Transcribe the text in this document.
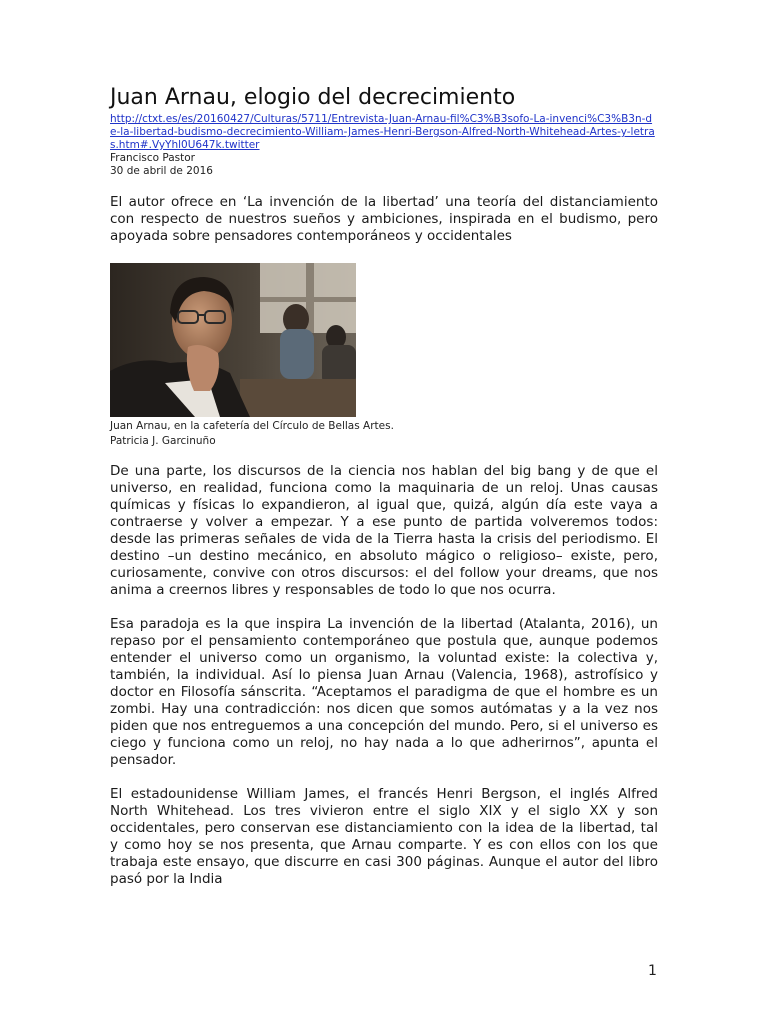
Juan Arnau, elogio del decrecimiento
http://ctxt.es/es/20160427/Culturas/5711/Entrevista-Juan-Arnau-fil%C3%B3sofo-La-invenci%C3%B3n-de-la-libertad-budismo-decrecimiento-William-James-Henri-Bergson-Alfred-North-Whitehead-Artes-y-letras.htm#.VyYhl0U647k.twitter
Francisco Pastor
30 de abril de 2016

El autor ofrece en ‘La invención de la libertad’ una teoría del distanciamiento con respecto de nuestros sueños y ambiciones, inspirada en el budismo, pero apoyada sobre pensadores contemporáneos y occidentales

Juan Arnau, en la cafetería del Círculo de Bellas Artes.
Patricia J. Garcinuño

De una parte, los discursos de la ciencia nos hablan del big bang y de que el universo, en realidad, funciona como la maquinaria de un reloj. Unas causas químicas y físicas lo expandieron, al igual que, quizá, algún día este vaya a contraerse y volver a empezar. Y a ese punto de partida volveremos todos: desde las primeras señales de vida de la Tierra hasta la crisis del periodismo. El destino –un destino mecánico, en absoluto mágico o religioso– existe, pero, curiosamente, convive con otros discursos: el del follow your dreams, que nos anima a creernos libres y responsables de todo lo que nos ocurra.

Esa paradoja es la que inspira La invención de la libertad (Atalanta, 2016), un repaso por el pensamiento contemporáneo que postula que, aunque podemos entender el universo como un organismo, la voluntad existe: la colectiva y, también, la individual. Así lo piensa Juan Arnau (Valencia, 1968), astrofísico y doctor en Filosofía sánscrita. “Aceptamos el paradigma de que el hombre es un zombi. Hay una contradicción: nos dicen que somos autómatas y a la vez nos piden que nos entreguemos a una concepción del mundo. Pero, si el universo es ciego y funciona como un reloj, no hay nada a lo que adherirnos”, apunta el pensador.

El estadounidense William James, el francés Henri Bergson, el inglés Alfred North Whitehead. Los tres vivieron entre el siglo XIX y el siglo XX y son occidentales, pero conservan ese distanciamiento con la idea de la libertad, tal y como hoy se nos presenta, que Arnau comparte. Y es con ellos con los que trabaja este ensayo, que discurre en casi 300 páginas. Aunque el autor del libro pasó por la India

1
